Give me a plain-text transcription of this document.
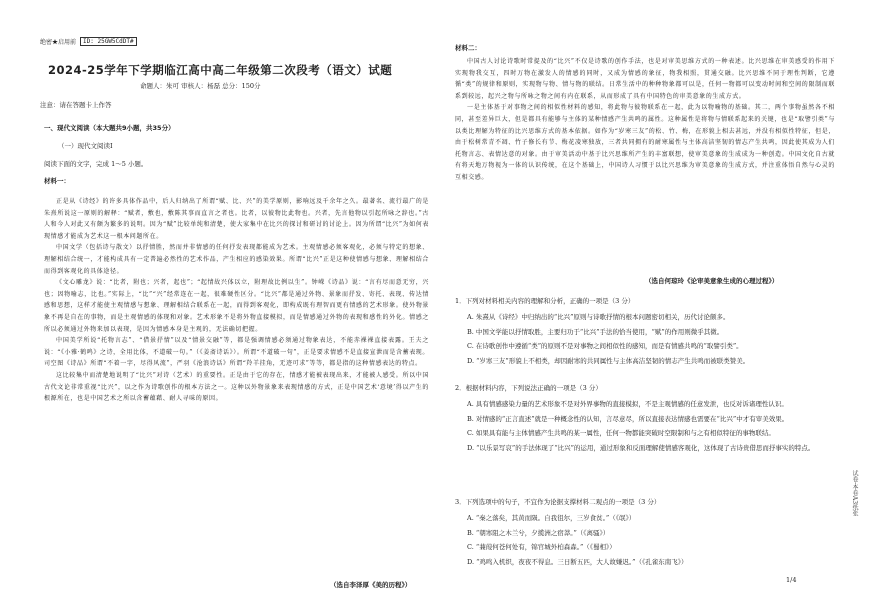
绝密★启用前	ID: 25GW5CdDT#
2024-25学年下学期临江高中高二年级第二次段考（语文）试题
命题人：朱可 审核人：杨磊 总分：150分
注意：请在答题卡上作答
一、现代文阅读（本大题共9小题，共35分）
（一）现代文阅读Ⅰ
阅读下面的文字，完成 1～5 小题。
材料一：

正是从《诗经》的许多具体作品中，后人归纳出了所谓“赋、比、兴”的美学原则，影响远及千余年之久。最著名、流行最广的是朱熹所说这一原则的解释：“赋者，敷也，敷陈其事而直言之者也。比者，以彼物比此物也。兴者，先言他物以引起所咏之辞也。”古人和今人对此又有颇为繁多的说明。因为“赋”比较单纯和清楚，使大家集中在比兴的探讨和研讨的讨论上。因为所谓“比兴”为如何表现情感才能成为艺术这一根本问题所在。

中国文学（包括诗与散文）以抒情胜，然而并非情感的任何抒发表现都能成为艺术。主观情感必须客观化，必须与特定的想象、理解相结合统一，才能构成具有一定普遍必然性的艺术作品，产生相应的感染效果。所谓“比兴”正是这种使情感与想象、理解相结合而得到客观化的具体途径。

《文心雕龙》说：“比者，附也；兴者，起也”；“起情故兴体以立，附理故比例以生”。钟嵘《诗品》说：“言有尽而意无穷，兴也；因物喻志，比也。”实际上，“比”“兴”经常连在一起，很难硬性区分。“比兴”都是通过外物、景象而抒发、寄托、表现、传达情感和思想，这样才能使主观情感与想象、理解相结合联系在一起，而得到客观化，即构成既有理智而更有情感的艺术形象。使外物景象不再是自在的事物，而是主观情感的体现和对象。艺术形象不是将外物直接模拟，而是情感通过外物的表现和感性的外化。情感之所以必须通过外物来加以表现，是因为情感本身是主观的，无法确切把握。

中国美学所说“托物言志”、“借景抒情”以及“情景交融”等，都是强调情感必须通过物象表达，不能赤裸裸直接表露。王夫之说：“《小雅·鹤鸣》之诗，全用比体，不道破一句。”（《姜斋诗话》）。所谓“不道破一句”，正是要求情感不是直接宣泄而是含蓄表现。司空图《诗品》所谓“不着一字，尽得风流”，严羽《沧浪诗话》所谓“羚羊挂角，无迹可求”等等，都是指的这种情感表达的特点。

这比较集中而清楚地说明了“比兴”对诗（艺术）的重要性。正是由于它的存在，情感才能被表现出来，才能被人感受。所以中国古代文论非常重视“比兴”，以之作为诗歌创作的根本方法之一。这种以外物景象来表现情感的方式，正是中国艺术‘意境’得以产生的根源所在，也是中国艺术之所以含蓄蕴藉、耐人寻味的原因。

（选自李泽厚《美的历程》）
材料二：

中国古人讨论诗歌时常提及的“比兴”不仅是诗歌的创作手法，也是对审美思维方式的一种表述。比兴思维在审美感受的作用下实现物我交互，四时万物在激发人的情感的同时，又成为情感的象征，物我相照，贯通交融。比兴思维不同于理性判断，它遵循“类”的规律和原则，实现物与物、情与物的联结。日常生活中的种种物象都可以是，任何一物都可以变动时间和空间的限制而联系到较远，起兴之物与所咏之物之间有内在联系，从而形成了具有中国特色的审美意象的生成方式。

一是主体基于对事物之间的相似性材料的感知，将此物与彼物联系在一起，此为以物喻物的基础。其二，两个事物虽然各不相同，甚至差异巨大，但是都具有能够与主体的某种情感产生共鸣的属性。这种属性是将物与情联系起来的关键，也是“取譬引类”与以类比理解为特征的比兴思维方式的基本依据。如作为“岁寒三友”的松、竹、梅，在形貌上相去甚远，并没有相似性特征，但是，由于松树常青不凋、竹子修长有节、梅花凌寒独放，三者共同拥有的耐寒属性与主体高洁坚韧的情志产生共鸣，因此使其成为人们托物言志、表情达意的对象。由于审美活动中基于比兴思维所产生的丰富联想，使审美意象的生成成为一种创造。中国文化自古就有将天地万物视为一体的认识传统，在这个基础上，中国诗人习惯于以比兴思维为审美意象的生成方式，并注重体悟自然与心灵的互相交感。

（选自何琼玲《论审美意象生成的心理过程》）

1．下列对材料相关内容的理解和分析，正确的一项是（3 分）

A. 朱熹从《诗经》中归纳出的“比兴”原则与诗歌抒情的根本问题密切相关，历代讨论颇多。

B. 中国文学能以抒情取胜，主要归功于“比兴”手法的恰当使用，“赋”的作用则微乎其微。

C. 在诗歌创作中遵循“类”的原则不是对事物之间相似性的感知，而是有情感共鸣的“取譬引类”。

D. “岁寒三友”形貌上不相类，却因耐寒的共同属性与主体高洁坚韧的情志产生共鸣而被联类赞美。

2．根据材料内容，下列说法正确的一项是（3 分）

A. 具有情感感染力量的艺术形象不是对外界事物的直接模拟，不是主观情感的任意发泄，也反对诉诸理性认识。

B. 对情感的“正言直述”就是一种概念性的认知，言尽意尽，所以直接表达情感也需要在“比兴”中才有审美效果。

C. 如果具有能与主体情感产生共鸣的某一属性，任何一物都能突破时空限制和与之有相似特征的事物联结。

D. “以乐景写哀”的手法体现了“比兴”的运用，通过形象和反面理解使情感客观化，这体现了古诗贵借思而抒事实的特点。

3．下列选项中的句子，不宜作为论据支撑材料二观点的一项是（3 分）

A. “秦之落矣，其黄而陨。自我徂尔，三岁食贫。”（《氓》）

B. “朝寒阻之木兰兮，夕揽洲之宿莽。”（《离骚》）

C. “蒹葭何苍何处有，锦官城外柏森森。”（《蜀相》）

D. “鸡鸣入机织，夜夜不得息。三日断五匹，大人故嫌迟。”（《孔雀东南飞》）

试卷·本卷A3纸张
1/4
